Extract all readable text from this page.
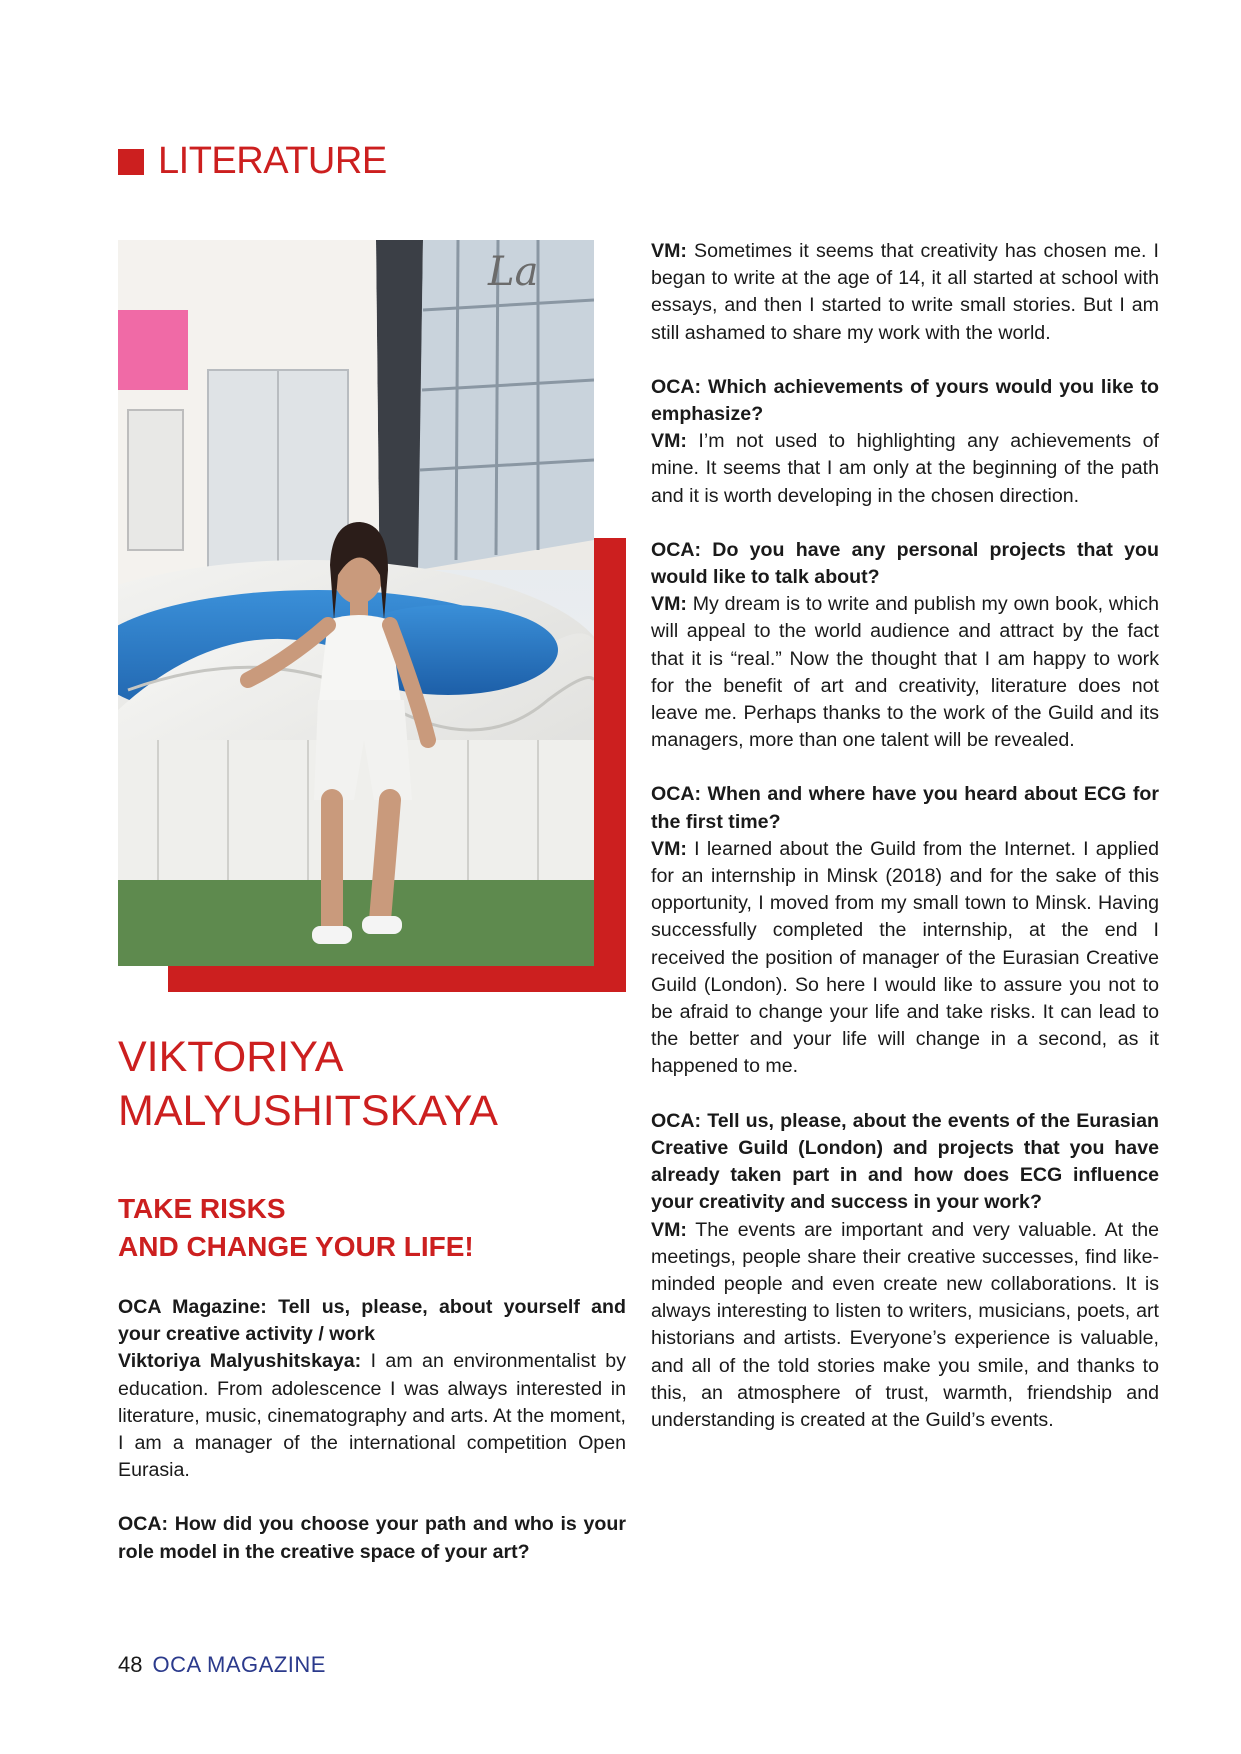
LITERATURE
La
VIKTORIYA
MALYUSHITSKAYA
TAKE RISKS
AND CHANGE YOUR LIFE!

OCA Magazine: Tell us, please, about yourself and your creative activity / work
Viktoriya Malyushitskaya: I am an environmentalist by education. From adolescence I was always interested in literature, music, cinematography and arts. At the moment, I am a manager of the international competition Open Eurasia.

OCA: How did you choose your path and who is your role model in the creative space of your art?

VM: Sometimes it seems that creativity has chosen me. I began to write at the age of 14, it all started at school with essays, and then I started to write small stories. But I am still ashamed to share my work with the world.

OCA: Which achievements of yours would you like to emphasize?
VM: I’m not used to highlighting any achievements of mine. It seems that I am only at the beginning of the path and it is worth developing in the chosen direction.

OCA: Do you have any personal projects that you would like to talk about?
VM: My dream is to write and publish my own book, which will appeal to the world audience and attract by the fact that it is “real.” Now the thought that I am happy to work for the benefit of art and creativity, literature does not leave me. Perhaps thanks to the work of the Guild and its managers, more than one talent will be revealed.

OCA: When and where have you heard about ECG for the first time?
VM: I learned about the Guild from the Internet. I applied for an internship in Minsk (2018) and for the sake of this opportunity, I moved from my small town to Minsk. Having successfully completed the internship, at the end I received the position of manager of the Eurasian Creative Guild (London). So here I would like to assure you not to be afraid to change your life and take risks. It can lead to the better and your life will change in a second, as it happened to me.

OCA: Tell us, please, about the events of the Eurasian Creative Guild (London) and projects that you have already taken part in and how does ECG influence your creativity and success in your work?
VM: The events are important and very valuable. At the meetings, people share their creative successes, find like-minded people and even create new collaborations. It is always interesting to listen to writers, musicians, poets, art historians and artists. Everyone’s experience is valuable, and all of the told stories make you smile, and thanks to this, an atmosphere of trust, warmth, friendship and understanding is created at the Guild’s events.

48 OCA MAGAZINE
